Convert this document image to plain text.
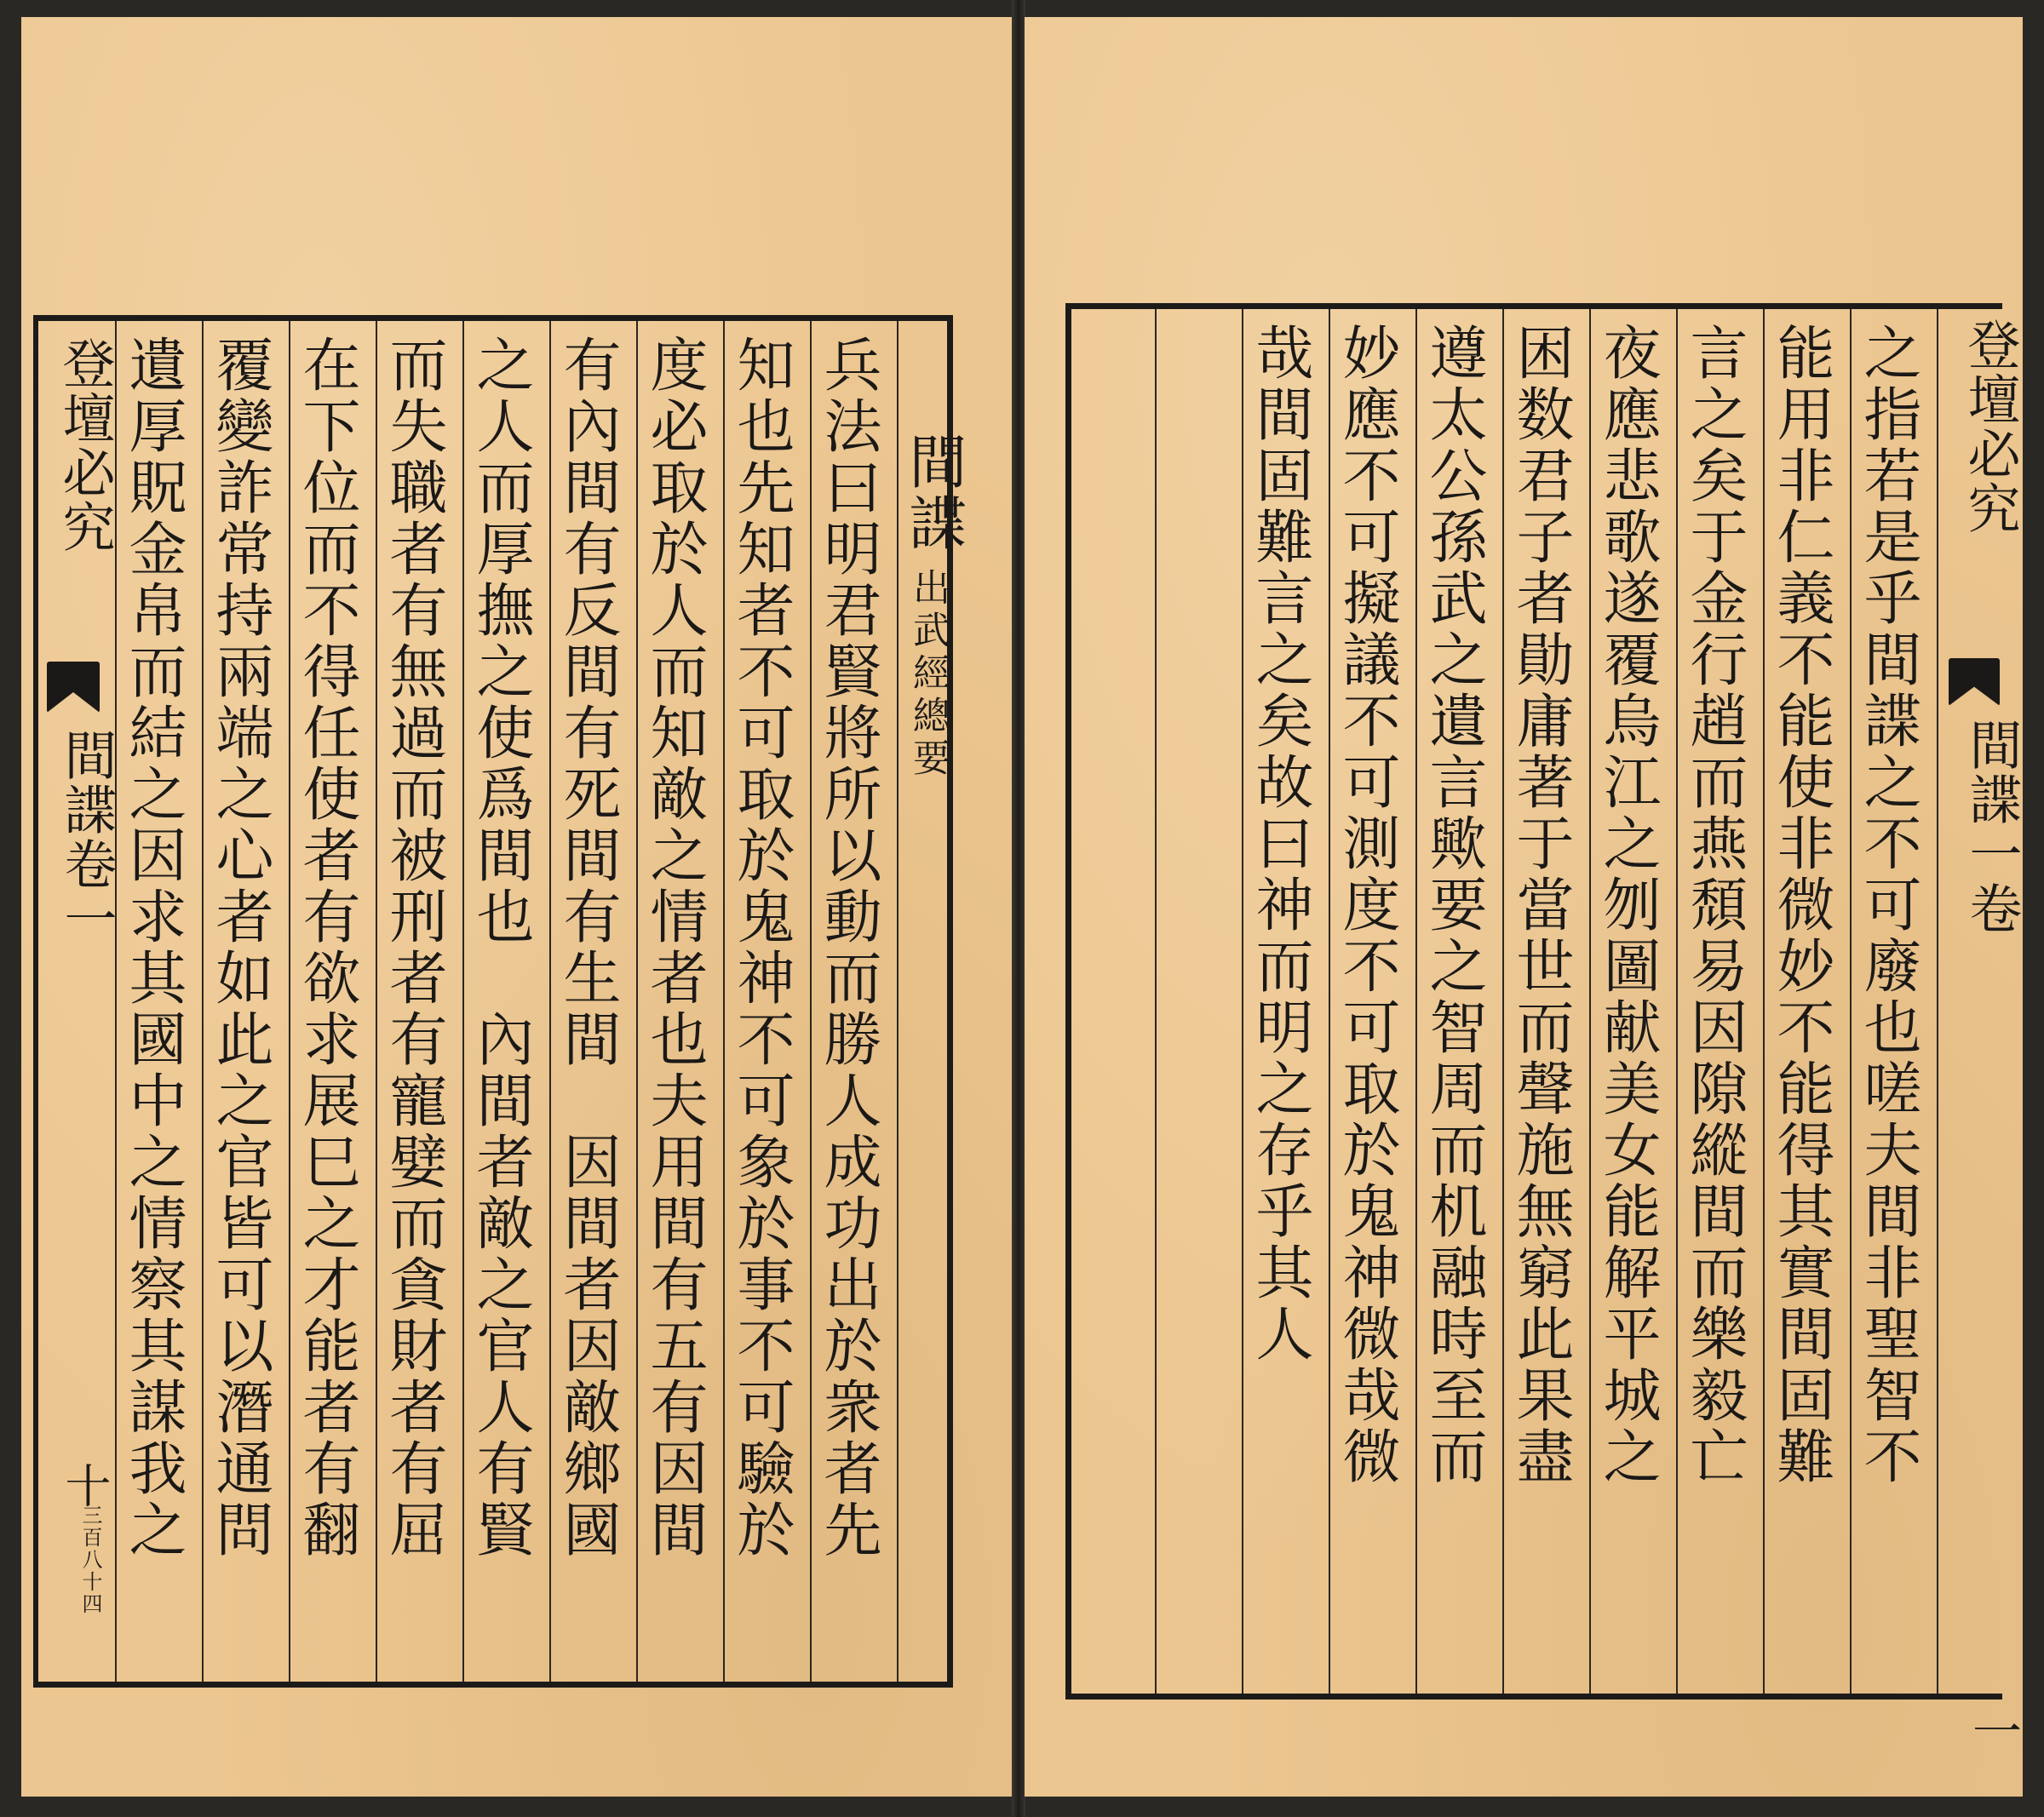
登壇必究
間諜卷一
十
三百八十四 遺厚貺金帛而結之因求其國中之情察其謀我之 覆變詐常持兩端之心者如此之官皆可以潛通問 在下位而不得任使者有欲求展巳之才能者有翻 而失職者有無過而被刑者有寵嬖而貪財者有屈 之人而厚撫之使爲間也　內間者敵之官人有賢 有內間有反間有死間有生間　因間者因敵鄉國 度必取於人而知敵之情者也夫用間有五有因間 知也先知者不可取於鬼神不可象於事不可驗於 兵法曰明君賢將所以動而勝人成功出於衆者先 間諜
出武經總要	之指若是乎間諜之不可廢也嗟夫間非聖智不
能用非仁義不能使非微妙不能得其實間固難
言之矣于金行趙而燕頹易因隙縱間而樂毅亡
夜應悲歌遂覆烏江之刎圖献美女能解平城之
困数君子者勛庸著于當世而聲施無窮此果盡
遵太公孫武之遺言歟要之智周而机融時至而
妙應不可擬議不可測度不可取於鬼神微哉微
哉間固難言之矣故曰神而明之存乎其人	登壇必究
間諜一卷
一
